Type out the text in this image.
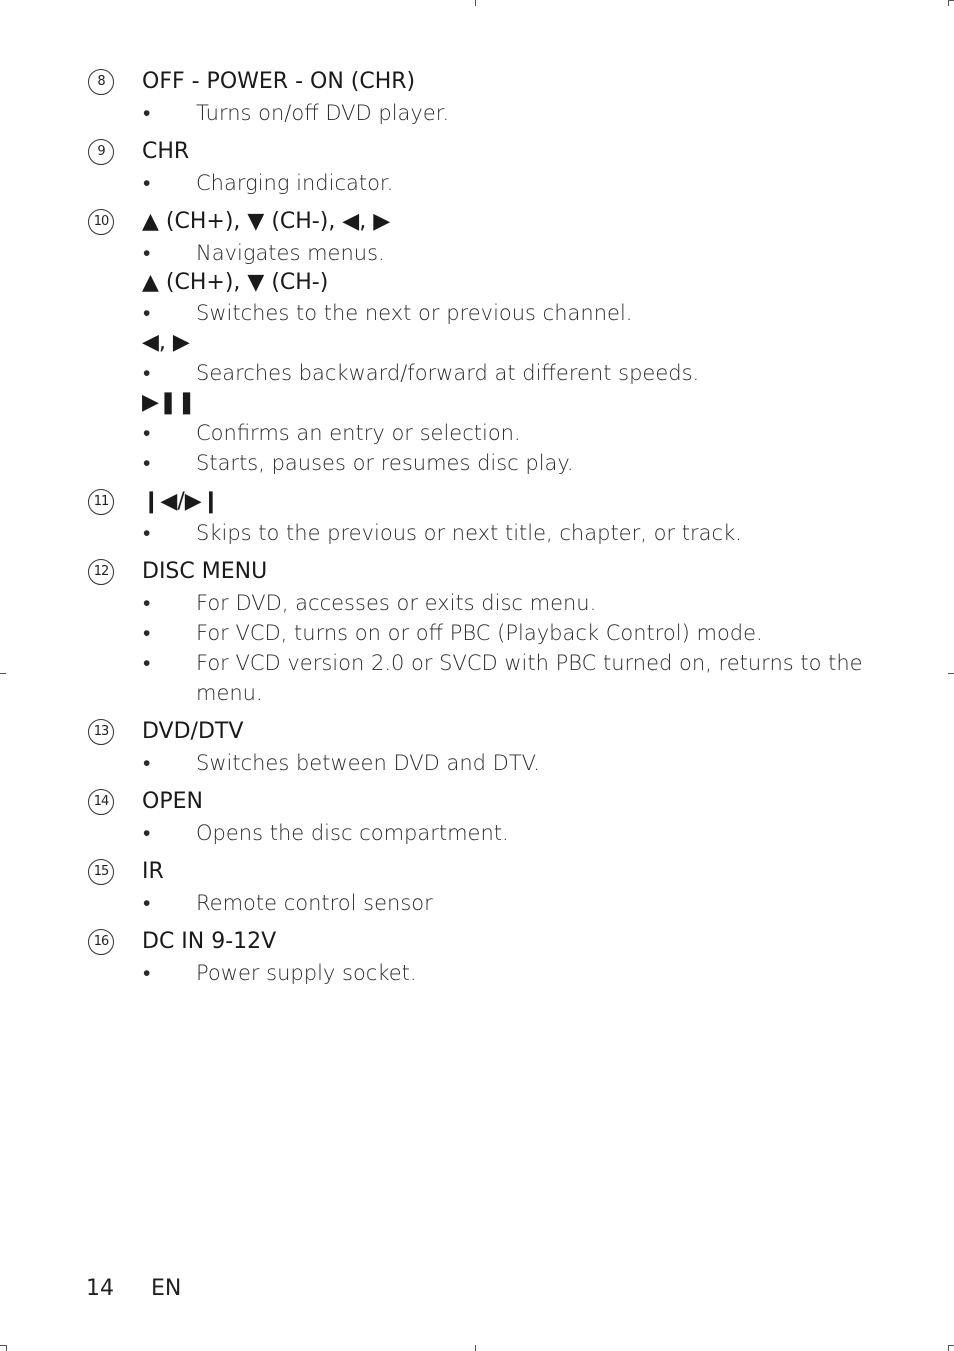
8	OFF - POWER - ON (CHR)
• Turns on/off DVD player.
9	CHR
• Charging indicator.
10 ▲ (CH+), ▼ (CH-), ◀, ▶
• Navigates menus.
▲ (CH+), ▼ (CH-)
• Switches to the next or previous channel.
◀, ▶
• Searches backward/forward at different speeds.
▶❚❚
• Confirms an entry or selection.
• Starts, pauses or resumes disc play.
11 ❙◀/▶❙
• Skips to the previous or next title, chapter, or track.
12 DISC MENU
• For DVD, accesses or exits disc menu.
• For VCD, turns on or off PBC (Playback Control) mode.
• For VCD version 2.0 or SVCD with PBC turned on, returns to the menu.
13 DVD/DTV
• Switches between DVD and DTV.
14 OPEN
• Opens the disc compartment.
15 IR
• Remote control sensor
16 DC IN 9-12V
• Power supply socket.
14 EN
